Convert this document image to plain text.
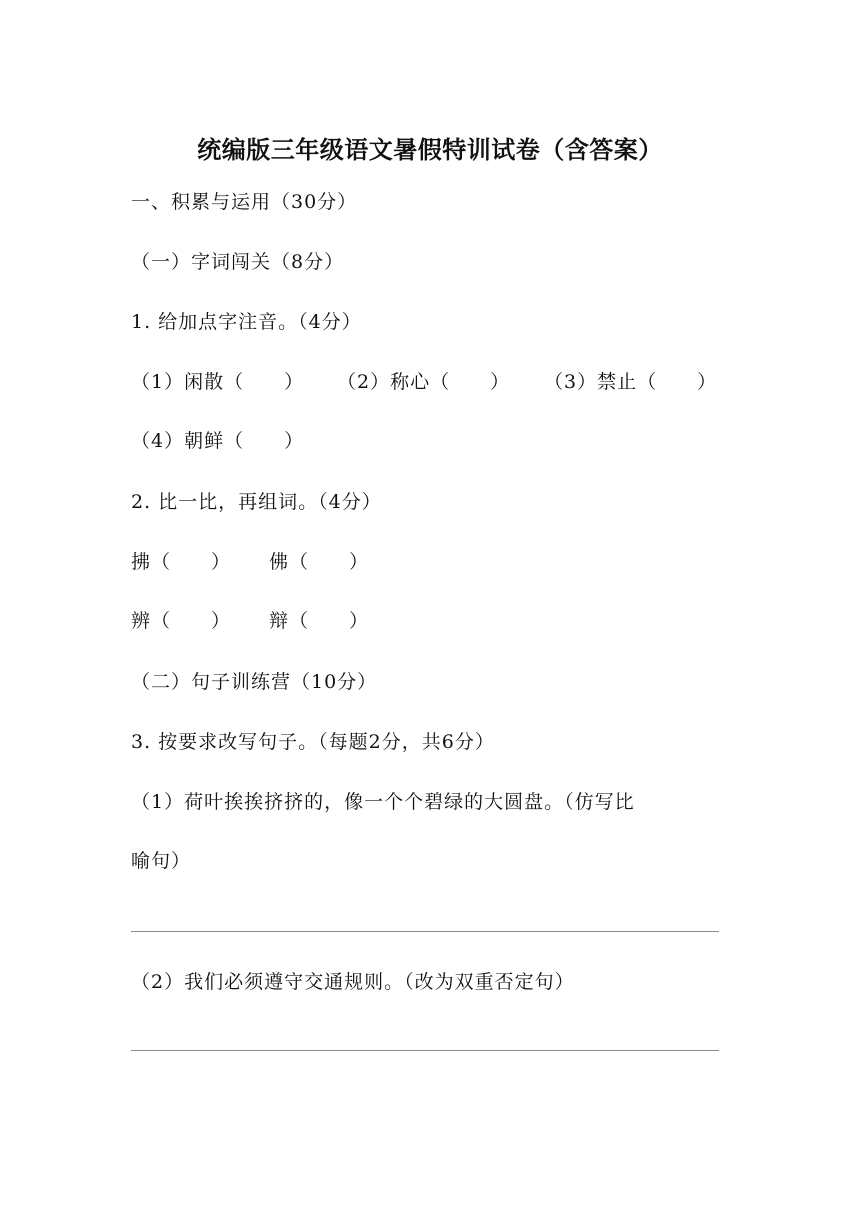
统编版三年级语文暑假特训试卷（含答案）
一、积累与运用（30分）
（一）字词闯关（8分）
1. 给加点字注音。（4分）

（1）闲散（　　）

（2）称心（　　）

（3）禁止（　　）

（4）朝鲜（　　）

2. 比一比，再组词。（4分）

拂（　　）

佛（　　）

辨（　　）

辩（　　）

（二）句子训练营（10分）
3. 按要求改写句子。（每题2分，共6分）
（1）荷叶挨挨挤挤的，像一个个碧绿的大圆盘。（仿写比
喻句）
（2）我们必须遵守交通规则。（改为双重否定句）
